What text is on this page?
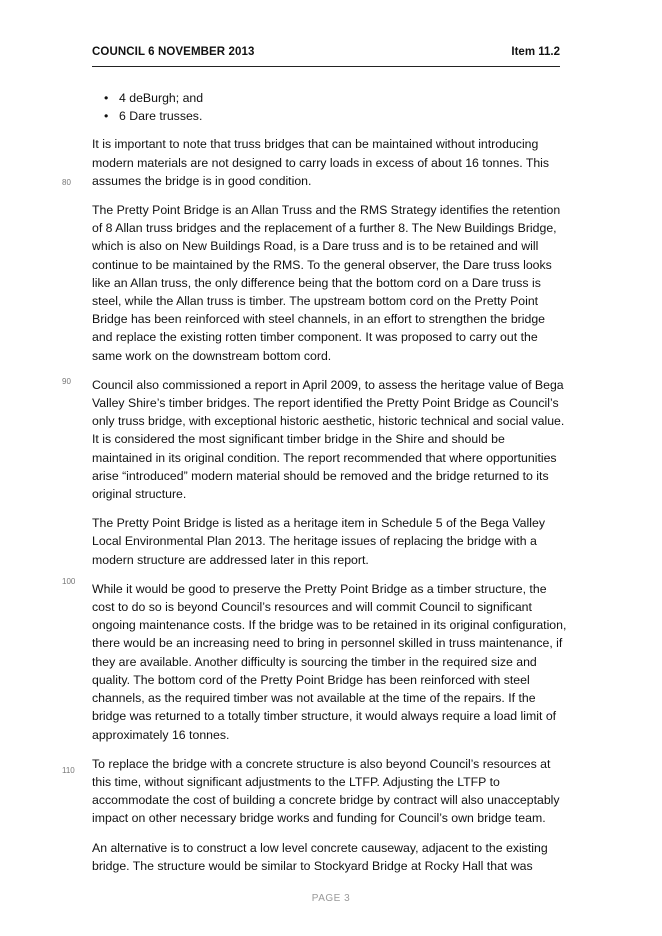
COUNCIL 6 NOVEMBER 2013	Item 11.2
80
90
100
110
• 4 deBurgh; and
• 6 Dare trusses.

It is important to note that truss bridges that can be maintained without introducing
modern materials are not designed to carry loads in excess of about 16 tonnes. This
assumes the bridge is in good condition.

The Pretty Point Bridge is an Allan Truss and the RMS Strategy identifies the retention
of 8 Allan truss bridges and the replacement of a further 8. The New Buildings Bridge,
which is also on New Buildings Road, is a Dare truss and is to be retained and will
continue to be maintained by the RMS. To the general observer, the Dare truss looks
like an Allan truss, the only difference being that the bottom cord on a Dare truss is
steel, while the Allan truss is timber. The upstream bottom cord on the Pretty Point
Bridge has been reinforced with steel channels, in an effort to strengthen the bridge
and replace the existing rotten timber component. It was proposed to carry out the
same work on the downstream bottom cord.

Council also commissioned a report in April 2009, to assess the heritage value of Bega
Valley Shire’s timber bridges. The report identified the Pretty Point Bridge as Council’s
only truss bridge, with exceptional historic aesthetic, historic technical and social value.
It is considered the most significant timber bridge in the Shire and should be
maintained in its original condition. The report recommended that where opportunities
arise “introduced” modern material should be removed and the bridge returned to its
original structure.

The Pretty Point Bridge is listed as a heritage item in Schedule 5 of the Bega Valley
Local Environmental Plan 2013. The heritage issues of replacing the bridge with a
modern structure are addressed later in this report.

While it would be good to preserve the Pretty Point Bridge as a timber structure, the
cost to do so is beyond Council’s resources and will commit Council to significant
ongoing maintenance costs. If the bridge was to be retained in its original configuration,
there would be an increasing need to bring in personnel skilled in truss maintenance, if
they are available. Another difficulty is sourcing the timber in the required size and
quality. The bottom cord of the Pretty Point Bridge has been reinforced with steel
channels, as the required timber was not available at the time of the repairs. If the
bridge was returned to a totally timber structure, it would always require a load limit of
approximately 16 tonnes.

To replace the bridge with a concrete structure is also beyond Council’s resources at
this time, without significant adjustments to the LTFP. Adjusting the LTFP to
accommodate the cost of building a concrete bridge by contract will also unacceptably
impact on other necessary bridge works and funding for Council’s own bridge team.

An alternative is to construct a low level concrete causeway, adjacent to the existing
bridge. The structure would be similar to Stockyard Bridge at Rocky Hall that was

PAGE 3
